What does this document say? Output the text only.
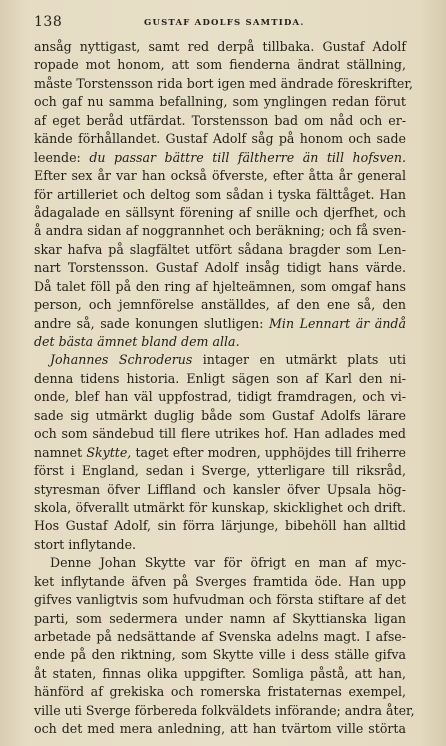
138	GUSTAF ADOLFS SAMTIDA.
ansåg nyttigast, samt red derpå tillbaka. Gustaf Adolf
ropade mot honom, att som fienderna ändrat ställning,
måste Torstensson rida bort igen med ändrade föreskrifter,
och gaf nu samma befallning, som ynglingen redan förut
af eget beråd utfärdat. Torstensson bad om nåd och er-
kände förhållandet. Gustaf Adolf såg på honom och sade
leende: du passar bättre till fältherre än till hofsven.
Efter sex år var han också öfverste, efter åtta år general
för artilleriet och deltog som sådan i tyska fälttåget. Han
ådagalade en sällsynt förening af snille och djerfhet, och
å andra sidan af noggrannhet och beräkning; och få sven-
skar hafva på slagfältet utfört sådana bragder som Len-
nart Torstensson. Gustaf Adolf insåg tidigt hans värde.
Då talet föll på den ring af hjelteämnen, som omgaf hans
person, och jemnförelse anställdes, af den ene så, den
andre så, sade konungen slutligen: Min Lennart är ändå
det bästa ämnet bland dem alla.
Johannes Schroderus intager en utmärkt plats uti
denna tidens historia. Enligt sägen son af Karl den ni-
onde, blef han väl uppfostrad, tidigt framdragen, och vi-
sade sig utmärkt duglig både som Gustaf Adolfs lärare
och som sändebud till flere utrikes hof. Han adlades med
namnet Skytte, taget efter modren, upphöjdes till friherre
först i England, sedan i Sverge, ytterligare till riksråd,
styresman öfver Liffland och kansler öfver Upsala hög-
skola, öfverallt utmärkt för kunskap, skicklighet och drift.
Hos Gustaf Adolf, sin förra lärjunge, bibehöll han alltid
stort inflytande.
Denne Johan Skytte var för öfrigt en man af myc-
ket inflytande äfven på Sverges framtida öde. Han upp
gifves vanligtvis som hufvudman och första stiftare af det
parti, som sedermera under namn af Skyttianska ligan
arbetade på nedsättande af Svenska adelns magt. I afse-
ende på den riktning, som Skytte ville i dess ställe gifva
åt staten, finnas olika uppgifter. Somliga påstå, att han,
hänförd af grekiska och romerska fristaternas exempel,
ville uti Sverge förbereda folkväldets införande; andra åter,
och det med mera anledning, att han tvärtom ville störta
